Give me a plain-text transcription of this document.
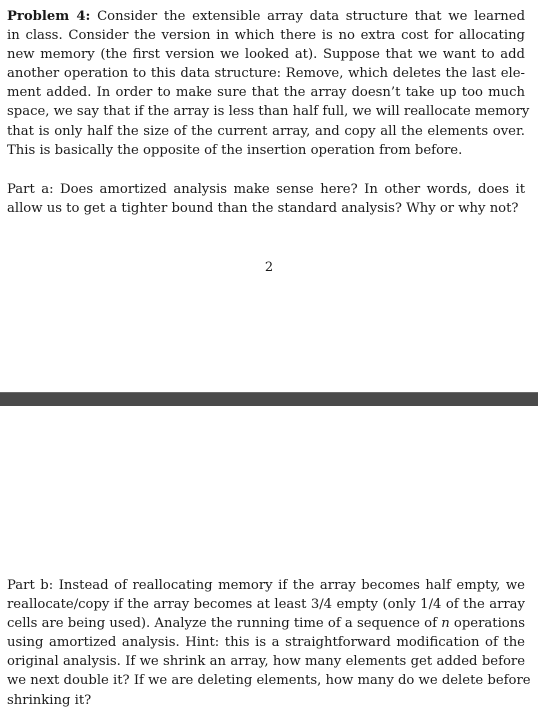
Problem 4: Consider the extensible array data structure that we learned
in class. Consider the version in which there is no extra cost for allocating
new memory (the first version we looked at). Suppose that we want to add
another operation to this data structure: Remove, which deletes the last ele-
ment added. In order to make sure that the array doesn’t take up too much
space, we say that if the array is less than half full, we will reallocate memory
that is only half the size of the current array, and copy all the elements over.
This is basically the opposite of the insertion operation from before.
Part a: Does amortized analysis make sense here? In other words, does it
allow us to get a tighter bound than the standard analysis? Why or why not?
2
Part b: Instead of reallocating memory if the array becomes half empty, we
reallocate/copy if the array becomes at least 3/4 empty (only 1/4 of the array
cells are being used). Analyze the running time of a sequence of n operations
using amortized analysis. Hint: this is a straightforward modification of the
original analysis. If we shrink an array, how many elements get added before
we next double it? If we are deleting elements, how many do we delete before
shrinking it?
